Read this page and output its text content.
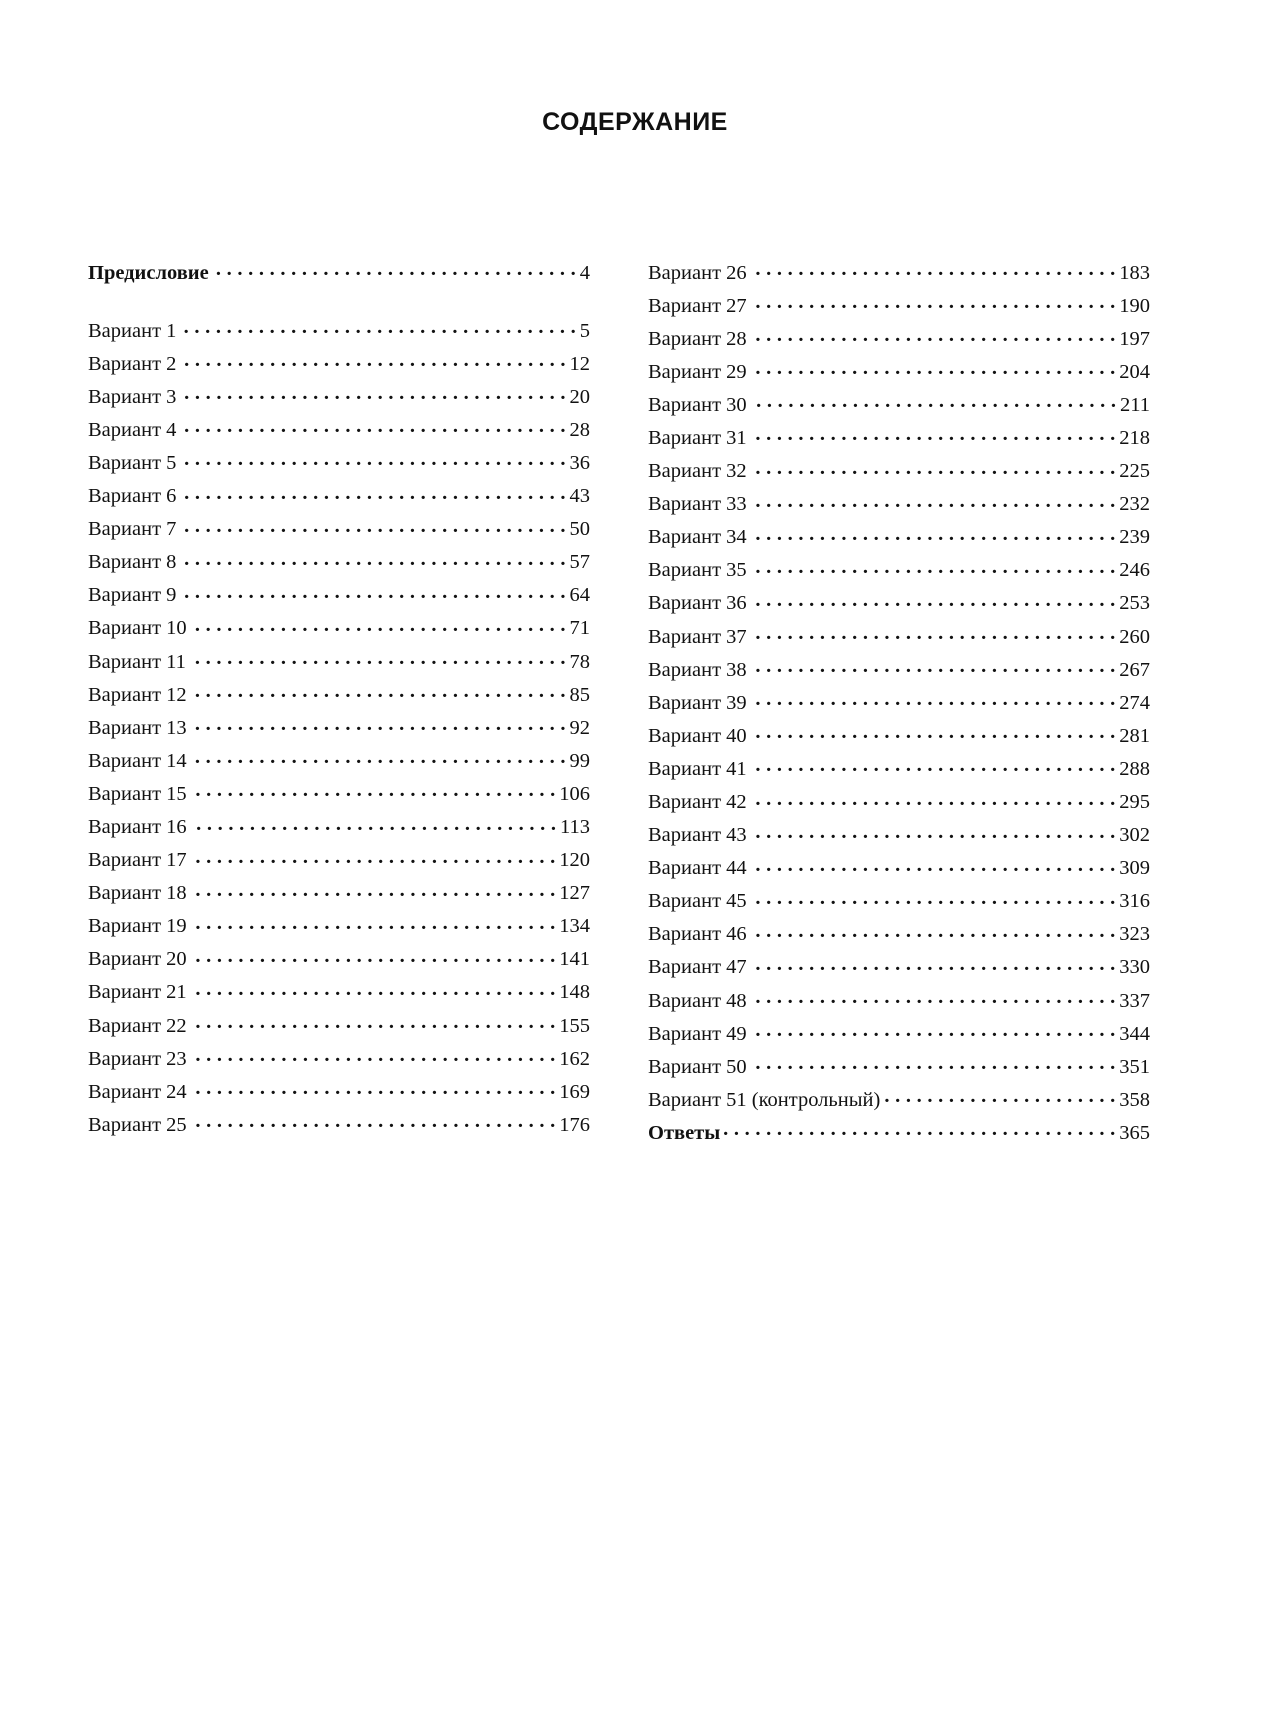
СОДЕРЖАНИЕ
Предисловие . . .	4
Вариант 1 . . .	5
Вариант 2 . . .	12
Вариант 3 . . .	20
Вариант 4 . . .	28
Вариант 5 . . .	36
Вариант 6 . . .	43
Вариант 7 . . .	50
Вариант 8 . . .	57
Вариант 9 . . .	64
Вариант 10 . . .	71
Вариант 11 . . .	78
Вариант 12 . . .	85
Вариант 13 . . .	92
Вариант 14 . . .	99
Вариант 15 . . .	106
Вариант 16 . . .	113
Вариант 17 . . .	120
Вариант 18 . . .	127
Вариант 19 . . .	134
Вариант 20 . . .	141
Вариант 21 . . .	148
Вариант 22 . . .	155
Вариант 23 . . .	162
Вариант 24 . . .	169
Вариант 25 . . .	176
Вариант 26 . . .	183
Вариант 27 . . .	190
Вариант 28 . . .	197
Вариант 29 . . .	204
Вариант 30 . . .	211
Вариант 31 . . .	218
Вариант 32 . . .	225
Вариант 33 . . .	232
Вариант 34 . . .	239
Вариант 35 . . .	246
Вариант 36 . . .	253
Вариант 37 . . .	260
Вариант 38 . . .	267
Вариант 39 . . .	274
Вариант 40 . . .	281
Вариант 41 . . .	288
Вариант 42 . . .	295
Вариант 43 . . .	302
Вариант 44 . . .	309
Вариант 45 . . .	316
Вариант 46 . . .	323
Вариант 47 . . .	330
Вариант 48 . . .	337
Вариант 49 . . .	344
Вариант 50 . . .	351
Вариант 51 (контрольный) . . .	358
Ответы . . .	365
